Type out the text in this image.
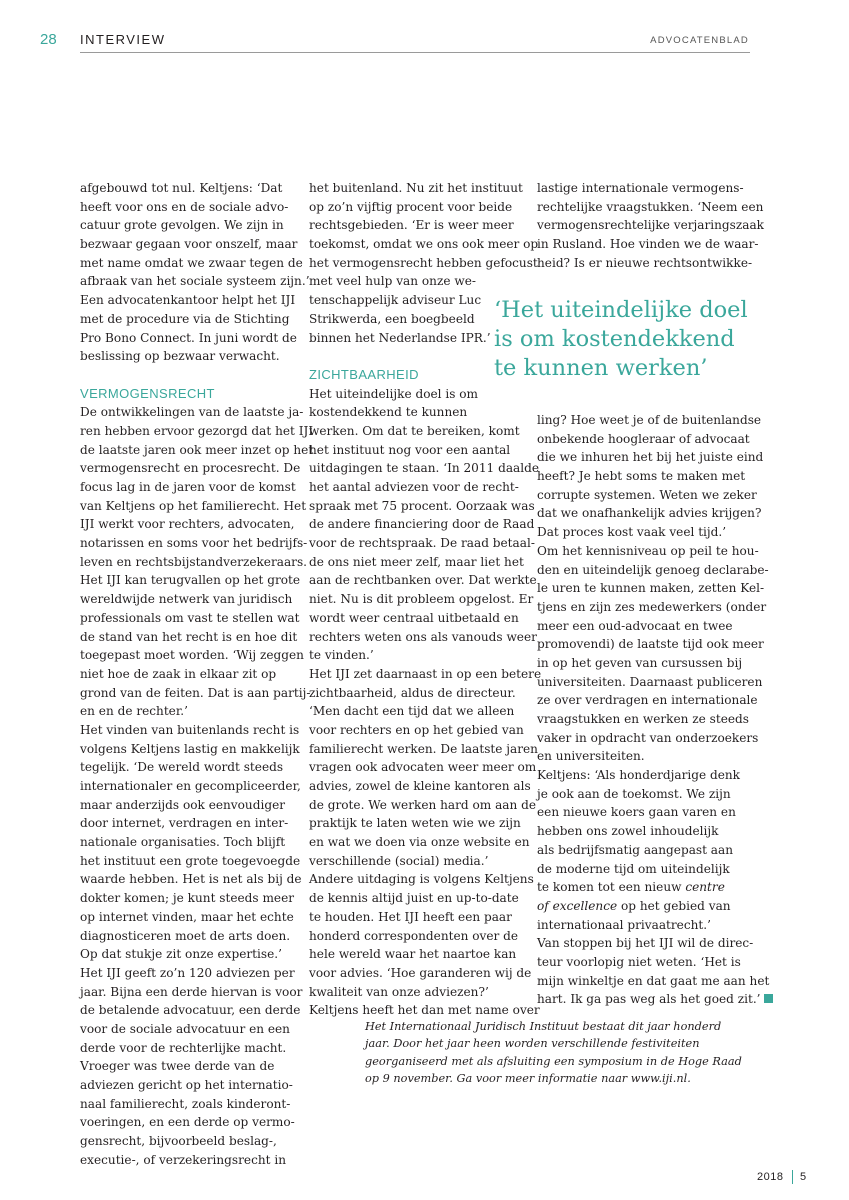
28 INTERVIEW	ADVOCATENBLAD
afgebouwd tot nul. Keltjens: ‘Dat
heeft voor ons en de sociale advo-
catuur grote gevolgen. We zijn in
bezwaar gegaan voor onszelf, maar
met name omdat we zwaar tegen de
afbraak van het sociale systeem zijn.’
Een advocatenkantoor helpt het IJI
met de procedure via de Stichting
Pro Bono Connect. In juni wordt de
beslissing op bezwaar verwacht.
VERMOGENSRECHT
De ontwikkelingen van de laatste ja-
ren hebben ervoor gezorgd dat het IJI
de laatste jaren ook meer inzet op het
vermogensrecht en procesrecht. De
focus lag in de jaren voor de komst
van Keltjens op het familierecht. Het
IJI werkt voor rechters, advocaten,
notarissen en soms voor het bedrijfs-
leven en rechtsbijstandverzekeraars.
Het IJI kan terugvallen op het grote
wereldwijde netwerk van juridisch
professionals om vast te stellen wat
de stand van het recht is en hoe dit
toegepast moet worden. ‘Wij zeggen
niet hoe de zaak in elkaar zit op
grond van de feiten. Dat is aan partij-
en en de rechter.’
Het vinden van buitenlands recht is
volgens Keltjens lastig en makkelijk
tegelijk. ‘De wereld wordt steeds
internationaler en gecompliceerder,
maar anderzijds ook eenvoudiger
door internet, verdragen en inter-
nationale organisaties. Toch blijft
het instituut een grote toegevoegde
waarde hebben. Het is net als bij de
dokter komen; je kunt steeds meer
op internet vinden, maar het echte
diagnosticeren moet de arts doen.
Op dat stukje zit onze expertise.’
Het IJI geeft zo’n 120 adviezen per
jaar. Bijna een derde hiervan is voor
de betalende advocatuur, een derde
voor de sociale advocatuur en een
derde voor de rechterlijke macht.
Vroeger was twee derde van de
adviezen gericht op het internatio-
naal familierecht, zoals kinderont-
voeringen, en een derde op vermo-
gensrecht, bijvoorbeeld beslag-,
executie-, of verzekeringsrecht in
het buitenland. Nu zit het instituut
op zo’n vijftig procent voor beide
rechtsgebieden. ‘Er is weer meer
toekomst, omdat we ons ook meer op
het vermogensrecht hebben gefocust
met veel hulp van onze we-
tenschappelijk adviseur Luc
Strikwerda, een boegbeeld
binnen het Nederlandse IPR.’
ZICHTBAARHEID
Het uiteindelijke doel is om
kostendekkend te kunnen
werken. Om dat te bereiken, komt
het instituut nog voor een aantal
uitdagingen te staan. ‘In 2011 daalde
het aantal adviezen voor de recht-
spraak met 75 procent. Oorzaak was
de andere financiering door de Raad
voor de rechtspraak. De raad betaal-
de ons niet meer zelf, maar liet het
aan de rechtbanken over. Dat werkte
niet. Nu is dit probleem opgelost. Er
wordt weer centraal uitbetaald en
rechters weten ons als vanouds weer
te vinden.’
Het IJI zet daarnaast in op een betere
zichtbaarheid, aldus de directeur.
‘Men dacht een tijd dat we alleen
voor rechters en op het gebied van
familierecht werken. De laatste jaren
vragen ook advocaten weer meer om
advies, zowel de kleine kantoren als
de grote. We werken hard om aan de
praktijk te laten weten wie we zijn
en wat we doen via onze website en
verschillende (social) media.’
Andere uitdaging is volgens Keltjens
de kennis altijd juist en up-to-date
te houden. Het IJI heeft een paar
honderd correspondenten over de
hele wereld waar het naartoe kan
voor advies. ‘Hoe garanderen wij de
kwaliteit van onze adviezen?’
Keltjens heeft het dan met name over
lastige internationale vermogens-
rechtelijke vraagstukken. ‘Neem een
vermogensrechtelijke verjaringszaak
in Rusland. Hoe vinden we de waar-
heid? Is er nieuwe rechtsontwikke-
‘Het uiteindelijke doel
is om kostendekkend
te kunnen werken’
ling? Hoe weet je of de buitenlandse
onbekende hoogleraar of advocaat
die we inhuren het bij het juiste eind
heeft? Je hebt soms te maken met
corrupte systemen. Weten we zeker
dat we onafhankelijk advies krijgen?
Dat proces kost vaak veel tijd.’
Om het kennisniveau op peil te hou-
den en uiteindelijk genoeg declarabe-
le uren te kunnen maken, zetten Kel-
tjens en zijn zes medewerkers (onder
meer een oud-advocaat en twee
promovendi) de laatste tijd ook meer
in op het geven van cursussen bij
universiteiten. Daarnaast publiceren
ze over verdragen en internationale
vraagstukken en werken ze steeds
vaker in opdracht van onderzoekers
en universiteiten.
Keltjens: ‘Als honderdjarige denk
je ook aan de toekomst. We zijn
een nieuwe koers gaan varen en
hebben ons zowel inhoudelijk
als bedrijfsmatig aangepast aan
de moderne tijd om uiteindelijk
te komen tot een nieuw centre
of excellence op het gebied van
internationaal privaatrecht.’
Van stoppen bij het IJI wil de direc-
teur voorlopig niet weten. ‘Het is
mijn winkeltje en dat gaat me aan het
hart. Ik ga pas weg als het goed zit.’
Het Internationaal Juridisch Instituut bestaat dit jaar honderd
jaar. Door het jaar heen worden verschillende festiviteiten
georganiseerd met als afsluiting een symposium in de Hoge Raad
op 9 november. Ga voor meer informatie naar www.iji.nl.
2018 5
